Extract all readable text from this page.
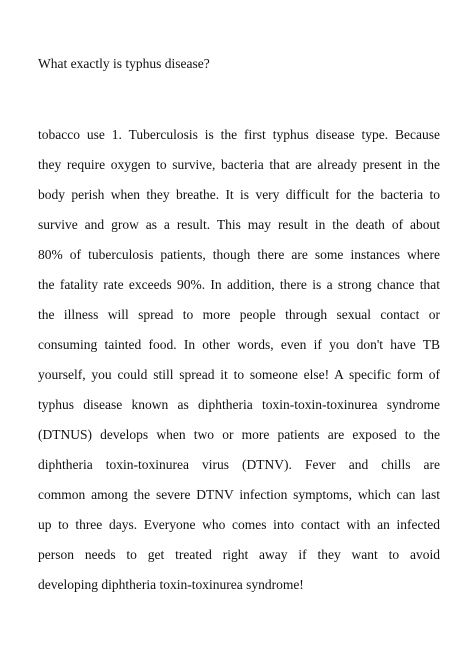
What exactly is typhus disease?
tobacco use 1. Tuberculosis is the first typhus disease type. Because
they require oxygen to survive, bacteria that are already present in the
body perish when they breathe. It is very difficult for the bacteria to
survive and grow as a result. This may result in the death of about
80% of tuberculosis patients, though there are some instances where
the fatality rate exceeds 90%. In addition, there is a strong chance that
the illness will spread to more people through sexual contact or
consuming tainted food. In other words, even if you don't have TB
yourself, you could still spread it to someone else! A specific form of
typhus disease known as diphtheria toxin-toxin-toxinurea syndrome
(DTNUS) develops when two or more patients are exposed to the
diphtheria toxin-toxinurea virus (DTNV). Fever and chills are
common among the severe DTNV infection symptoms, which can last
up to three days. Everyone who comes into contact with an infected
person needs to get treated right away if they want to avoid
developing diphtheria toxin-toxinurea syndrome!
